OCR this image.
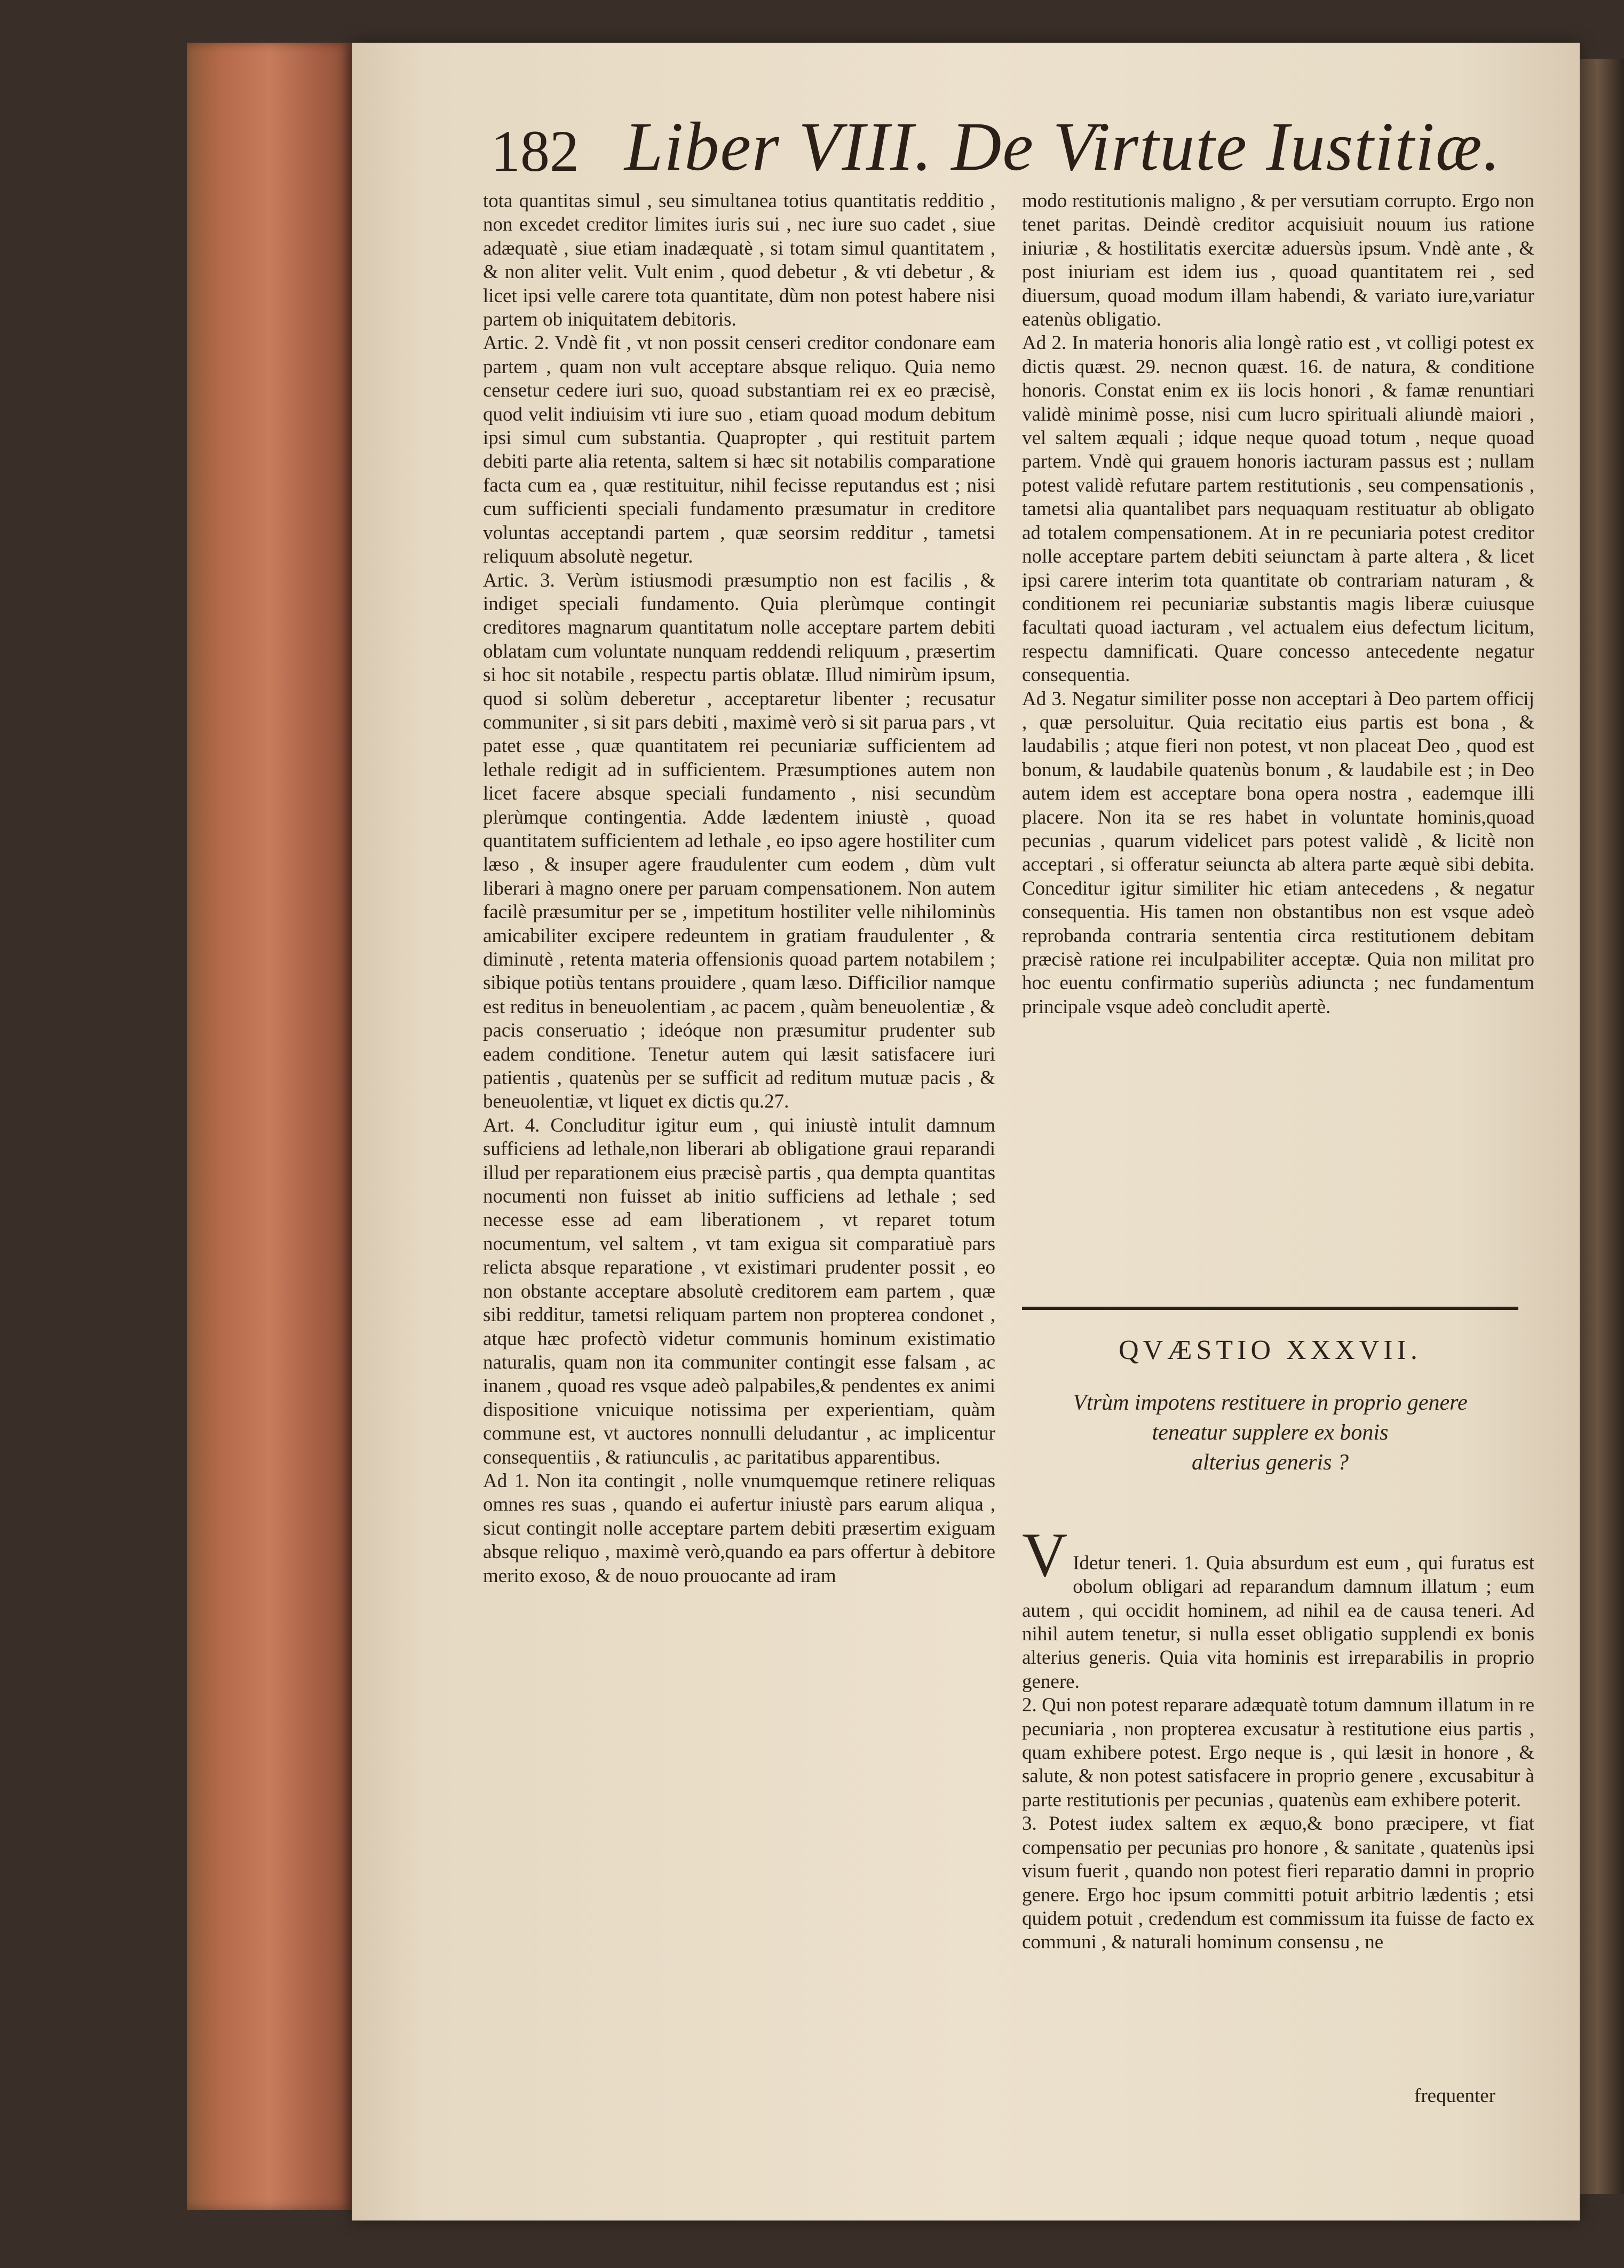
182 Liber VIII. De Virtute Iustitiæ.
tota quantitas simul , seu simultanea totius quantitatis redditio , non excedet creditor limites iuris sui , nec iure suo cadet , siue adæquatè , siue etiam inadæquatè , si totam simul quantitatem , & non aliter velit. Vult enim , quod debetur , & vti debetur , & licet ipsi velle carere tota quantitate, dùm non potest habere nisi partem ob iniquitatem debitoris.
Artic. 2. Vndè fit , vt non possit censeri creditor condonare eam partem , quam non vult acceptare absque reliquo. Quia nemo censetur cedere iuri suo, quoad substantiam rei ex eo præcisè, quod velit indiuisim vti iure suo , etiam quoad modum debitum ipsi simul cum substantia. Quapropter , qui restituit partem debiti parte alia retenta, saltem si hæc sit notabilis comparatione facta cum ea , quæ restituitur, nihil fecisse reputandus est ; nisi cum sufficienti speciali fundamento præsumatur in creditore voluntas acceptandi partem , quæ seorsim redditur , tametsi reliquum absolutè negetur.
Artic. 3. Verùm istiusmodi præsumptio non est facilis , & indiget speciali fundamento. Quia plerùmque contingit creditores magnarum quantitatum nolle acceptare partem debiti oblatam cum voluntate nunquam reddendi reliquum , præsertim si hoc sit notabile , respectu partis oblatæ. Illud nimirùm ipsum, quod si solùm deberetur , acceptaretur libenter ; recusatur communiter , si sit pars debiti , maximè verò si sit parua pars , vt patet esse , quæ quantitatem rei pecuniariæ sufficientem ad lethale redigit ad in sufficientem. Præsumptiones autem non licet facere absque speciali fundamento , nisi secundùm plerùmque contingentia. Adde lædentem iniustè , quoad quantitatem sufficientem ad lethale , eo ipso agere hostiliter cum læso , & insuper agere fraudulenter cum eodem , dùm vult liberari à magno onere per paruam compensationem. Non autem facilè præsumitur per se , impetitum hostiliter velle nihilominùs amicabiliter excipere redeuntem in gratiam fraudulenter , & diminutè , retenta materia offensionis quoad partem notabilem ; sibique potiùs tentans prouidere , quam læso. Difficilior namque est reditus in beneuolentiam , ac pacem , quàm beneuolentiæ , & pacis conseruatio ; ideóque non præsumitur prudenter sub eadem conditione. Tenetur autem qui læsit satisfacere iuri patientis , quatenùs per se sufficit ad reditum mutuæ pacis , & beneuolentiæ, vt liquet ex dictis qu.27.
Art. 4. Concluditur igitur eum , qui iniustè intulit damnum sufficiens ad lethale,non liberari ab obligatione graui reparandi illud per reparationem eius præcisè partis , qua dempta quantitas nocumenti non fuisset ab initio sufficiens ad lethale ; sed necesse esse ad eam liberationem , vt reparet totum nocumentum, vel saltem , vt tam exigua sit comparatiuè pars relicta absque reparatione , vt existimari prudenter possit , eo non obstante acceptare absolutè creditorem eam partem , quæ sibi redditur, tametsi reliquam partem non propterea condonet , atque hæc profectò videtur communis hominum existimatio naturalis, quam non ita communiter contingit esse falsam , ac inanem , quoad res vsque adeò palpabiles,& pendentes ex animi dispositione vnicuique notissima per experientiam, quàm commune est, vt auctores nonnulli deludantur , ac implicentur consequentiis , & ratiunculis , ac paritatibus apparentibus.
Ad 1. Non ita contingit , nolle vnumquemque retinere reliquas omnes res suas , quando ei aufertur iniustè pars earum aliqua , sicut contingit nolle acceptare partem debiti præsertim exiguam absque reliquo , maximè verò,quando ea pars offertur à debitore merito exoso, & de nouo prouocante ad iram
modo restitutionis maligno , & per versutiam corrupto. Ergo non tenet paritas. Deindè creditor acquisiuit nouum ius ratione iniuriæ , & hostilitatis exercitæ aduersùs ipsum. Vndè ante , & post iniuriam est idem ius , quoad quantitatem rei , sed diuersum, quoad modum illam habendi, & variato iure,variatur eatenùs obligatio.
Ad 2. In materia honoris alia longè ratio est , vt colligi potest ex dictis quæst. 29. necnon quæst. 16. de natura, & conditione honoris. Constat enim ex iis locis honori , & famæ renuntiari validè minimè posse, nisi cum lucro spirituali aliundè maiori , vel saltem æquali ; idque neque quoad totum , neque quoad partem. Vndè qui grauem honoris iacturam passus est ; nullam potest validè refutare partem restitutionis , seu compensationis , tametsi alia quantalibet pars nequaquam restituatur ab obligato ad totalem compensationem. At in re pecuniaria potest creditor nolle acceptare partem debiti seiunctam à parte altera , & licet ipsi carere interim tota quantitate ob contrariam naturam , & conditionem rei pecuniariæ substantis magis liberæ cuiusque facultati quoad iacturam , vel actualem eius defectum licitum, respectu damnificati. Quare concesso antecedente negatur consequentia.
Ad 3. Negatur similiter posse non acceptari à Deo partem officij , quæ persoluitur. Quia recitatio eius partis est bona , & laudabilis ; atque fieri non potest, vt non placeat Deo , quod est bonum, & laudabile quatenùs bonum , & laudabile est ; in Deo autem idem est acceptare bona opera nostra , eademque illi placere. Non ita se res habet in voluntate hominis,quoad pecunias , quarum videlicet pars potest validè , & licitè non acceptari , si offeratur seiuncta ab altera parte æquè sibi debita. Conceditur igitur similiter hic etiam antecedens , & negatur consequentia. His tamen non obstantibus non est vsque adeò reprobanda contraria sententia circa restitutionem debitam præcisè ratione rei inculpabiliter acceptæ. Quia non militat pro hoc euentu confirmatio superiùs adiuncta ; nec fundamentum principale vsque adeò concludit apertè.
QVÆSTIO XXXVII.
Vtrùm impotens restituere in proprio genere
teneatur supplere ex bonis
alterius generis ?

V Idetur teneri. 1. Quia absurdum est eum , qui furatus est obolum obligari ad reparandum damnum illatum ; eum autem , qui occidit hominem, ad nihil ea de causa teneri. Ad nihil autem tenetur, si nulla esset obligatio supplendi ex bonis alterius generis. Quia vita hominis est irreparabilis in proprio genere.

2. Qui non potest reparare adæquatè totum damnum illatum in re pecuniaria , non propterea excusatur à restitutione eius partis , quam exhibere potest. Ergo neque is , qui læsit in honore , & salute, & non potest satisfacere in proprio genere , excusabitur à parte restitutionis per pecunias , quatenùs eam exhibere poterit.
3. Potest iudex saltem ex æquo,& bono præcipere, vt fiat compensatio per pecunias pro honore , & sanitate , quatenùs ipsi visum fuerit , quando non potest fieri reparatio damni in proprio genere. Ergo hoc ipsum committi potuit arbitrio lædentis ; etsi quidem potuit , credendum est commissum ita fuisse de facto ex communi , & naturali hominum consensu , ne

frequenter
